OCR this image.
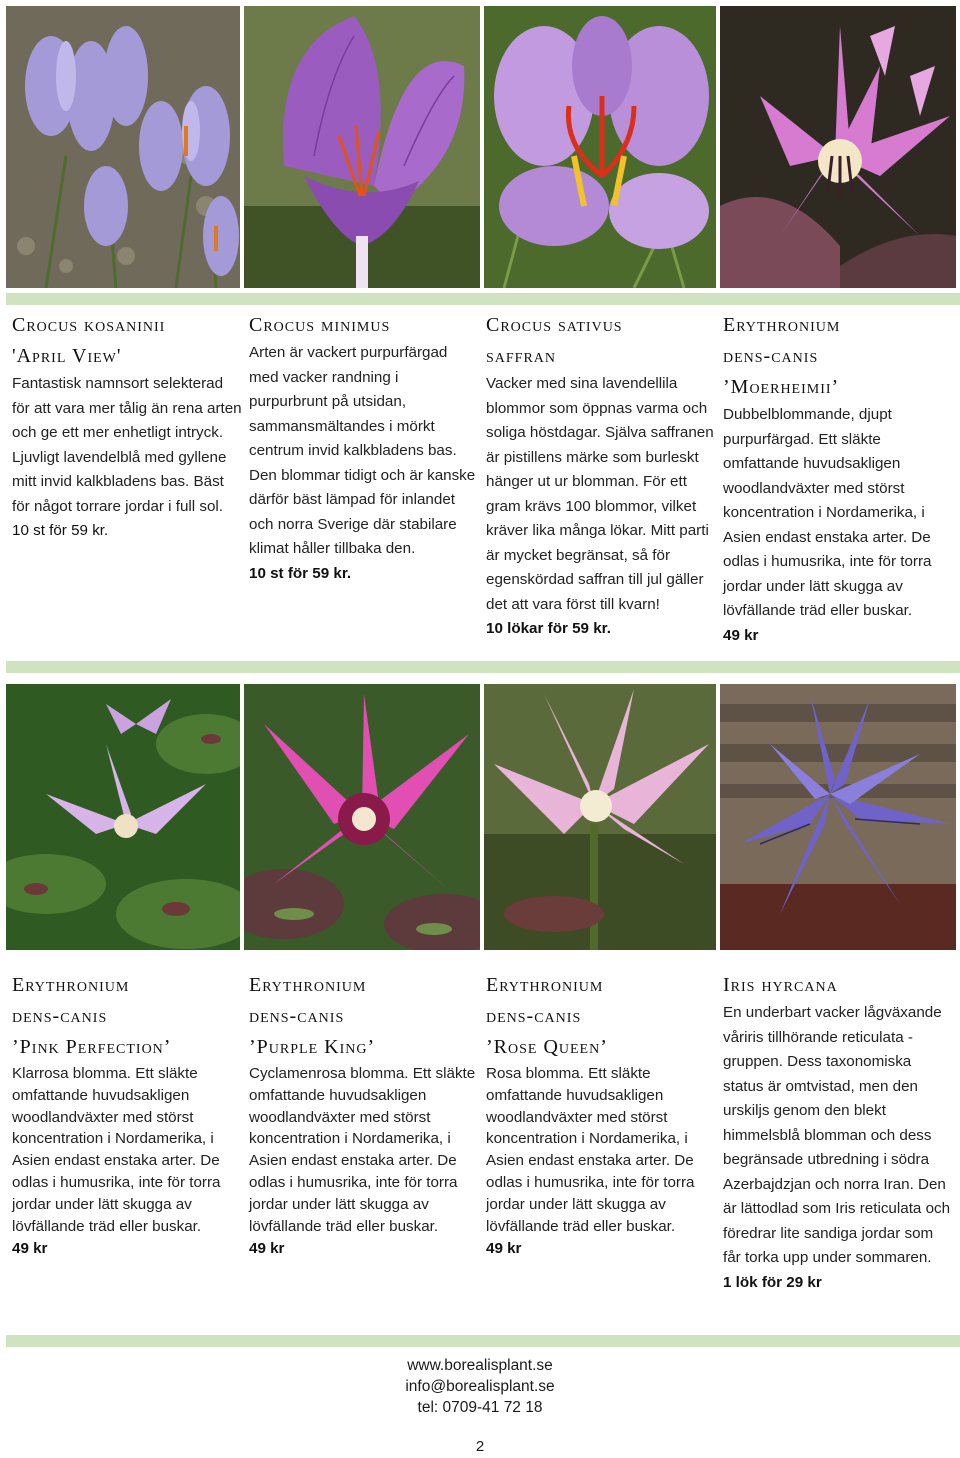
Crocus kosaninii

'April View'

Fantastisk namnsort selekterad för att vara mer tålig än rena arten och ge ett mer enhetligt intryck. Ljuvligt lavendelblå med gyllene mitt invid kalkbladens bas. Bäst för något torrare jordar i full sol.

10 st för 59 kr.

Crocus minimus

Arten är vackert purpurfärgad med vacker randning i purpurbrunt på utsidan, sammansmältandes i mörkt centrum invid kalkbladens bas. Den blommar tidigt och är kanske därför bäst lämpad för inlandet och norra Sverige där stabilare klimat håller tillbaka den.

10 st för 59 kr.

Crocus sativus

saffran

Vacker med sina lavendellila blommor som öppnas varma och soliga höstdagar. Själva saffranen är pistillens märke som burleskt hänger ut ur blomman. För ett gram krävs 100 blommor, vilket kräver lika många lökar. Mitt parti är mycket begränsat, så för egenskördad saffran till jul gäller det att vara först till kvarn!

10 lökar för 59 kr.

Erythronium

dens-canis

’Moerheimii’

Dubbelblommande, djupt purpurfärgad. Ett släkte omfattande huvudsakligen woodlandväxter med störst koncentration i Nordamerika, i Asien endast enstaka arter. De odlas i humusrika, inte för torra jordar under lätt skugga av lövfällande träd eller buskar.

49 kr

Erythronium

dens-canis

’Pink Perfection’

Klarrosa blomma. Ett släkte omfattande huvudsakligen woodlandväxter med störst koncentration i Nordamerika, i Asien endast enstaka arter. De odlas i humusrika, inte för torra jordar under lätt skugga av lövfällande träd eller buskar.

49 kr

Erythronium

dens-canis

’Purple King’

Cyclamenrosa blomma. Ett släkte omfattande huvudsakligen woodlandväxter med störst koncentration i Nordamerika, i Asien endast enstaka arter. De odlas i humusrika, inte för torra jordar under lätt skugga av lövfällande träd eller buskar.

49 kr

Erythronium

dens-canis

’Rose Queen’

Rosa blomma. Ett släkte omfattande huvudsakligen woodlandväxter med störst koncentration i Nordamerika, i Asien endast enstaka arter. De odlas i humusrika, inte för torra jordar under lätt skugga av lövfällande träd eller buskar.

49 kr

Iris hyrcana

En underbart vacker lågväxande våriris tillhörande reticulata -gruppen. Dess taxonomiska status är omtvistad, men den urskiljs genom den blekt himmelsblå blomman och dess begränsade utbredning i södra Azerbajdzjan och norra Iran. Den är lättodlad som Iris reticulata och föredrar lite sandiga jordar som får torka upp under sommaren.

1 lök för 29 kr

www.borealisplant.se
info@borealisplant.se
tel: 0709-41 72 18
2
